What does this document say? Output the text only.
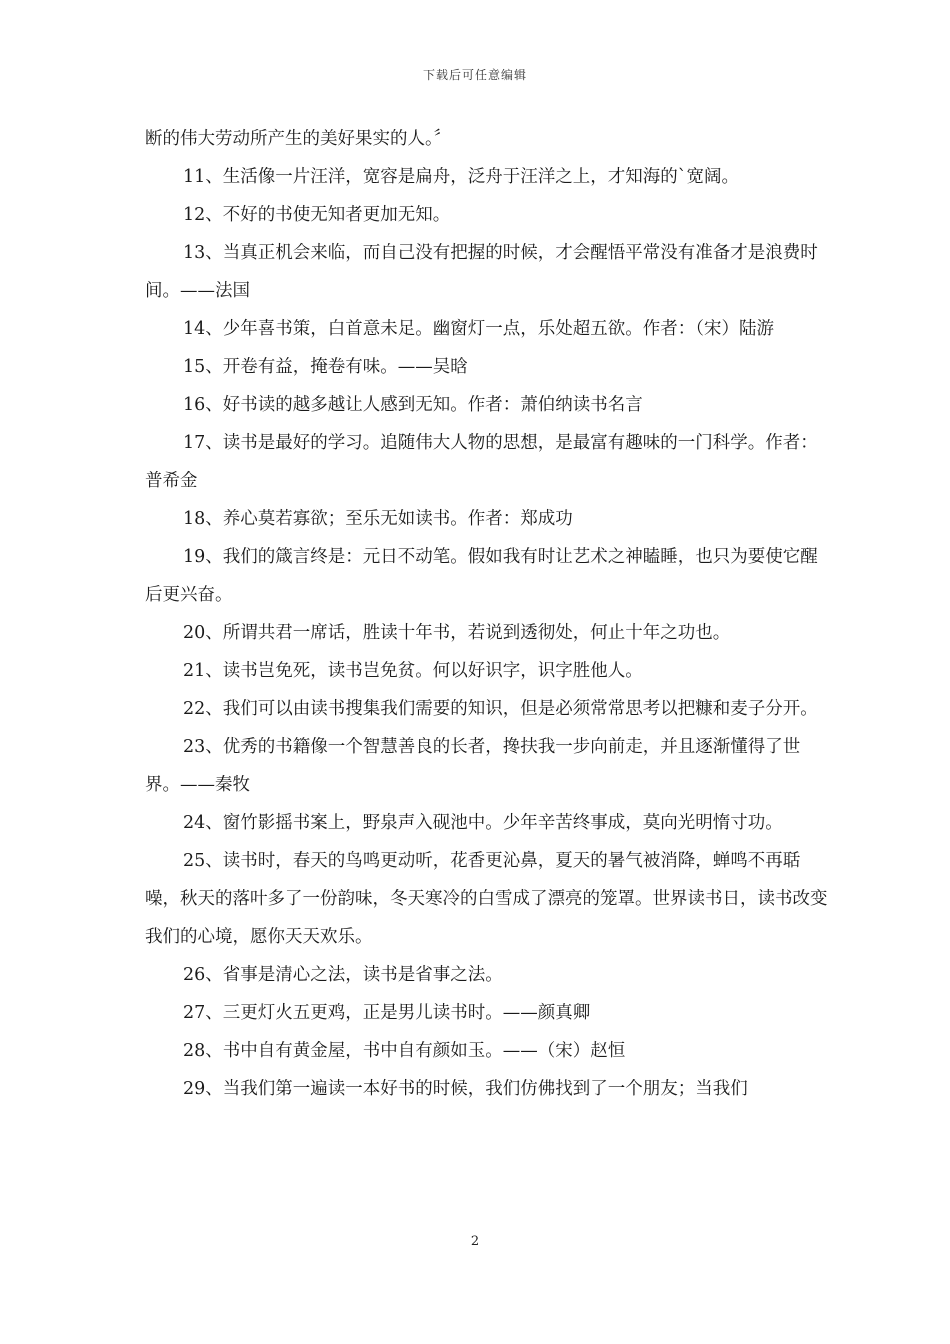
下载后可任意编辑

断的伟大劳动所产生的美好果实的人。〞

11、生活像一片汪洋，宽容是扁舟，泛舟于汪洋之上，才知海的`宽阔。

12、不好的书使无知者更加无知。

13、当真正机会来临，而自己没有把握的时候，才会醒悟平常没有准备才是浪费时间。——法国

14、少年喜书策，白首意未足。幽窗灯一点，乐处超五欲。作者：（宋）陆游

15、开卷有益，掩卷有味。——吴晗

16、好书读的越多越让人感到无知。作者：萧伯纳读书名言

17、读书是最好的学习。追随伟大人物的思想，是最富有趣味的一门科学。作者：普希金

18、养心莫若寡欲；至乐无如读书。作者：郑成功

19、我们的箴言终是：元日不动笔。假如我有时让艺术之神瞌睡，也只为要使它醒后更兴奋。

20、所谓共君一席话，胜读十年书，若说到透彻处，何止十年之功也。

21、读书岂免死，读书岂免贫。何以好识字，识字胜他人。

22、我们可以由读书搜集我们需要的知识，但是必须常常思考以把糠和麦子分开。

23、优秀的书籍像一个智慧善良的长者，搀扶我一步向前走，并且逐渐懂得了世界。——秦牧

24、窗竹影摇书案上，野泉声入砚池中。少年辛苦终事成，莫向光明惰寸功。

25、读书时，春天的鸟鸣更动听，花香更沁鼻，夏天的暑气被消降，蝉鸣不再聒噪，秋天的落叶多了一份韵味，冬天寒冷的白雪成了漂亮的笼罩。世界读书日，读书改变我们的心境，愿你天天欢乐。

26、省事是清心之法，读书是省事之法。

27、三更灯火五更鸡，正是男儿读书时。——颜真卿

28、书中自有黄金屋，书中自有颜如玉。——（宋）赵恒

29、当我们第一遍读一本好书的时候，我们仿佛找到了一个朋友；当我们

2
